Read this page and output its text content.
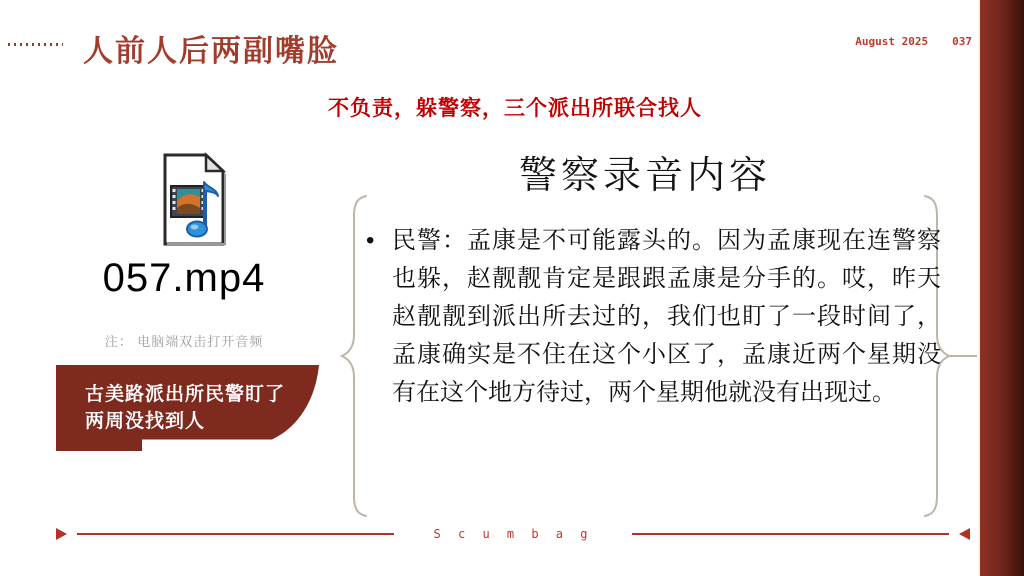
人前人后两副嘴脸	August 2025 037
不负责，躲警察，三个派出所联合找人
057.mp4
注： 电脑端双击打开音频
古美路派出所民警盯了
两周没找到人
警察录音内容
• 民警：孟康是不可能露头的。因为孟康现在连警察也躲，赵靓靓肯定是跟跟孟康是分手的。哎，昨天赵靓靓到派出所去过的，我们也盯了一段时间了，孟康确实是不住在这个小区了，孟康近两个星期没有在这个地方待过，两个星期他就没有出现过。
S c u m b a g
